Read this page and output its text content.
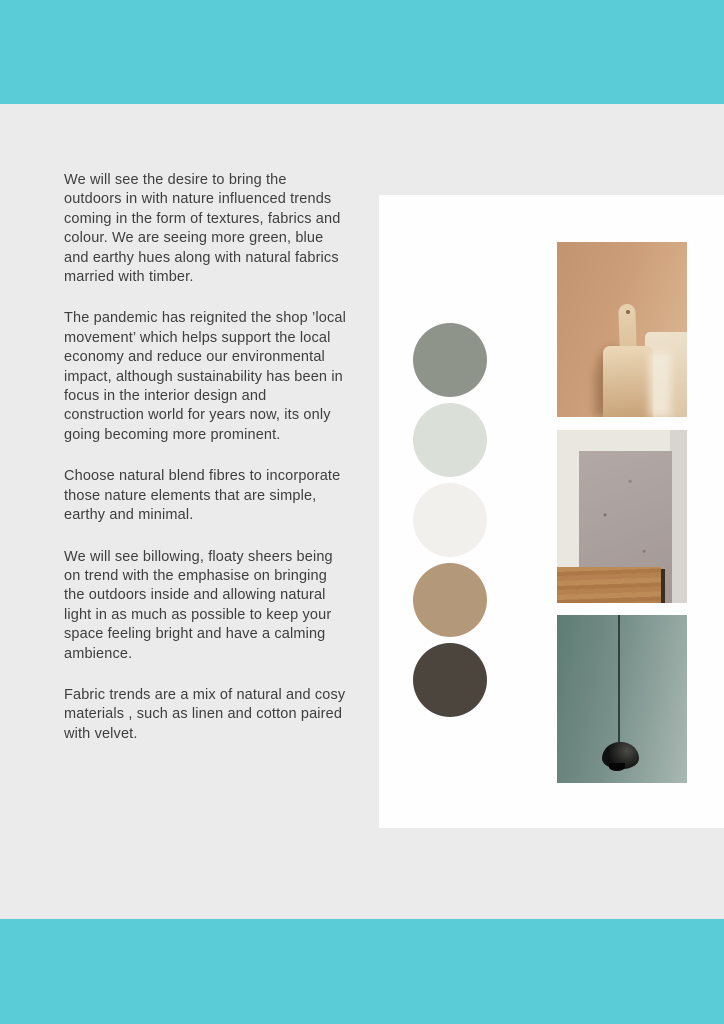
We will see the desire to bring the outdoors in with nature influenced trends coming in the form of textures, fabrics and colour. We are seeing more green, blue and earthy hues along with natural fabrics married with timber.

The pandemic has reignited the shop ’local movement’ which helps support the local economy and reduce our environmental impact, although sustainability has been in focus in the interior design and construction world for years now, its only going becoming more prominent.

Choose natural blend fibres to incorporate those nature elements that are simple, earthy and minimal.

We will see billowing, floaty sheers being on trend with the emphasise on bringing the outdoors inside and allowing natural light in as much as possible to keep your space feeling bright and have a calming ambience.

Fabric trends are a mix of natural and cosy materials , such as linen and cotton paired with velvet.
